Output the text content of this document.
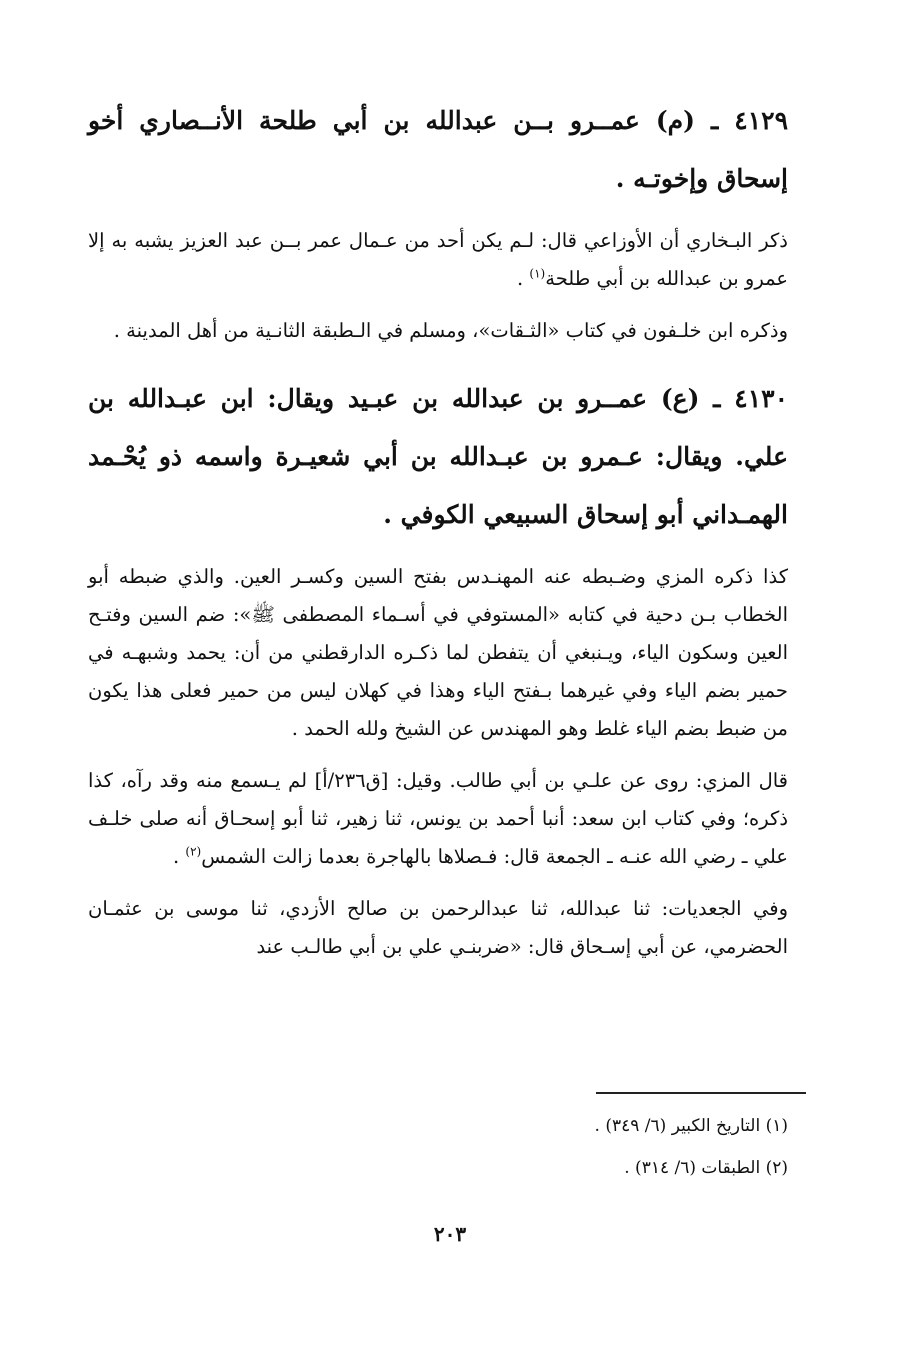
٤١٢٩ ـ (م) عمــرو بــن عبدالله بن أبي طلحة الأنــصاري أخو إسحاق وإخوتـه .

ذكر البـخاري أن الأوزاعي قال: لـم يكن أحد من عـمال عمر بــن عبد العزيز يشبه به إلا عمرو بن عبدالله بن أبي طلحة$^{(١)}$ .

وذكره ابن خلـفون في كتاب «الثـقات»، ومسلم في الـطبقة الثانـية من أهل المدينة .

٤١٣٠ ـ (ع) عمــرو بن عبدالله بن عبـيد ويقال: ابن عبـدالله بن علي. ويقال: عـمرو بن عبـدالله بن أبي شعيـرة واسمه ذو يُحْـمد الهمـداني أبو إسحاق السبيعي الكوفي .

كذا ذكره المزي وضـبطه عنه المهنـدس بفتح السين وكسـر العين. والذي ضبطه أبو الخطاب بـن دحية في كتابه «المستوفي في أسـماء المصطفى ﷺ»: ضم السين وفتـح العين وسكون الياء، ويـنبغي أن يتفطن لما ذكـره الدارقطني من أن: يحمد وشبهـه في حمير بضم الياء وفي غيرهما بـفتح الياء وهذا في كهلان ليس من حمير فعلى هذا يكون من ضبط بضم الياء غلط وهو المهندس عن الشيخ ولله الحمد .

قال المزي: روى عن علـي بن أبي طالب. وقيل: [ق٢٣٦/أ] لم يـسمع منه وقد رآه، كذا ذكره؛ وفي كتاب ابن سعد: أنبا أحمد بن يونس، ثنا زهير، ثنا أبو إسحـاق أنه صلى خلـف علي ـ رضي الله عنـه ـ الجمعة قال: فـصلاها بالهاجرة بعدما زالت الشمس$^{(٢)}$ .

وفي الجعديات: ثنا عبدالله، ثنا عبدالرحمن بن صالح الأزدي، ثنا موسى بن عثمـان الحضرمي، عن أبي إسـحاق قال: «ضربنـي علي بن أبي طالـب عند

(١) التاريخ الكبير (٦/ ٣٤٩) .
(٢) الطبقات (٦/ ٣١٤) .
٢٠٣
